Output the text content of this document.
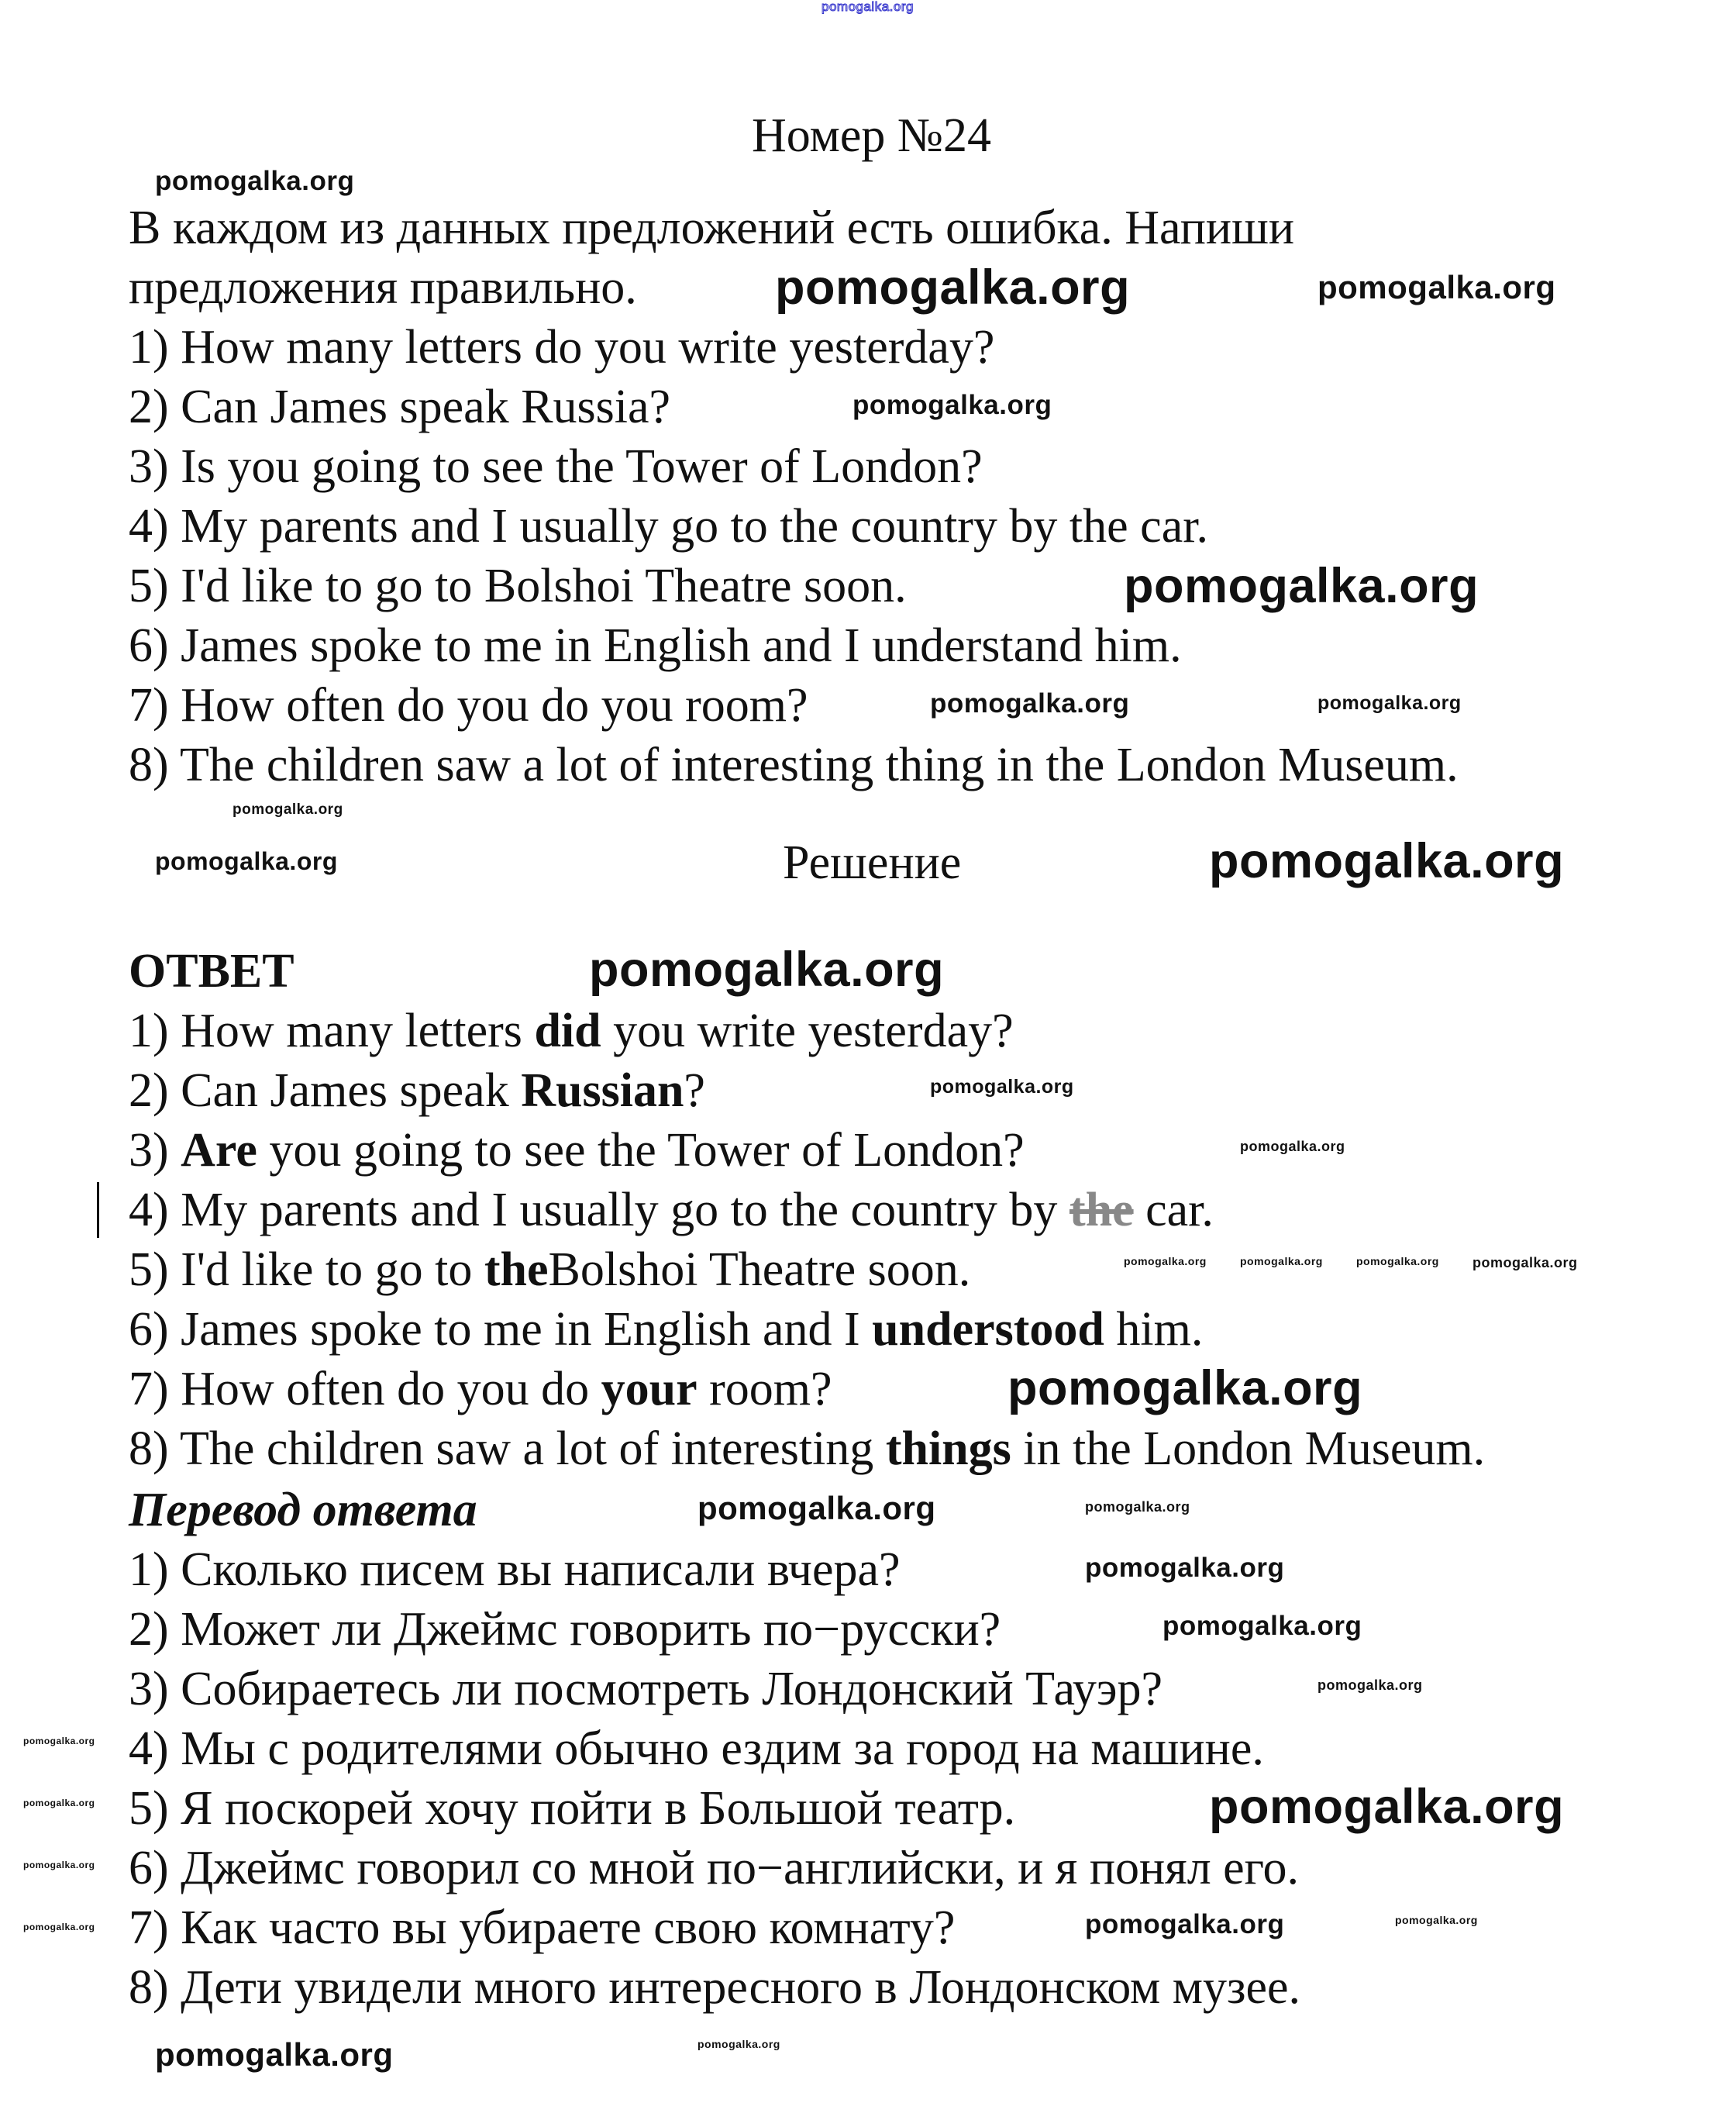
Номер №24
В каждом из данных предложений есть ошибка. Напиши
предложения правильно.
Решение
ОТВЕТ
Перевод ответа
1) How many letters do you write yesterday?
2) Can James speak Russia?
3) Is you going to see the Tower of London?
4) My parents and I usually go to the country by the car.
5) I'd like to go to Bolshoi Theatre soon.
6) James spoke to me in English and I understand him.
7) How often do you do you room?
8) The children saw a lot of interesting thing in the London Museum.
1) How many letters did you write yesterday?
2) Can James speak Russian?
3) Are you going to see the Tower of London?
4) My parents and I usually go to the country by the car.
5) I'd like to go to theBolshoi Theatre soon.
6) James spoke to me in English and I understood him.
7) How often do you do your room?
8) The children saw a lot of interesting things in the London Museum.
1) Сколько писем вы написали вчера?
2) Может ли Джеймс говорить по−русски?
3) Собираетесь ли посмотреть Лондонский Тауэр?
4) Мы с родителями обычно ездим за город на машине.
5) Я поскорей хочу пойти в Большой театр.
6) Джеймс говорил со мной по−английски, и я понял его.
7) Как часто вы убираете свою комнату?
8) Дети увидели много интересного в Лондонском музее.
pomogalka.org
pomogalka.org
pomogalka.org	pomogalka.org
pomogalka.org
pomogalka.org
pomogalka.org	pomogalka.org
pomogalka.org
pomogalka.org
pomogalka.org
pomogalka.org
pomogalka.org
pomogalka.org	pomogalka.org	pomogalka.org pomogalka.org
pomogalka.org
pomogalka.org
pomogalka.org	pomogalka.org
pomogalka.org
pomogalka.org
pomogalka.org
pomogalka.org
pomogalka.org	pomogalka.org
pomogalka.org
pomogalka.org
pomogalka.org
pomogalka.org
pomogalka.org
pomogalka.org
